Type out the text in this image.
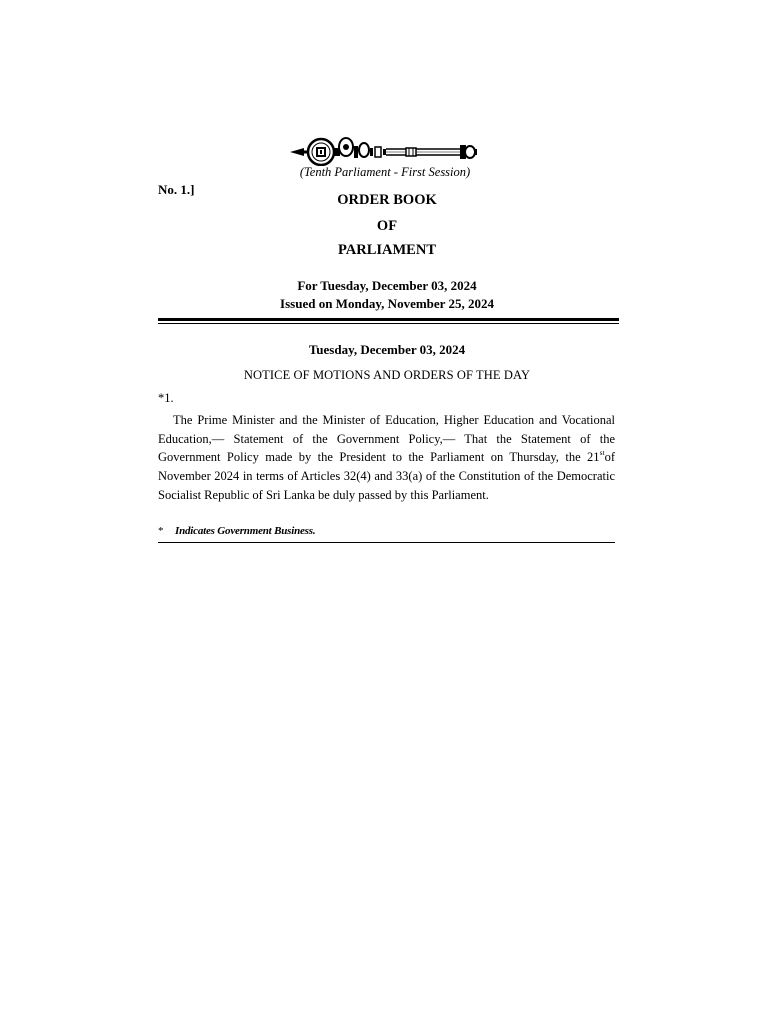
(Tenth Parliament - First Session)
No. 1.]
ORDER BOOK
OF
PARLIAMENT
For Tuesday, December 03, 2024
Issued on Monday, November 25, 2024
Tuesday, December 03, 2024
NOTICE OF MOTIONS AND ORDERS OF THE DAY
*1.

The Prime Minister and the Minister of Education, Higher Education and Vocational Education,— Statement of the Government Policy,— That the Statement of the Government Policy made by the President to the Parliament on Thursday, the 21stof November 2024 in terms of Articles 32(4) and 33(a) of the Constitution of the Democratic Socialist Republic of Sri Lanka be duly passed by this Parliament.

* Indicates Government Business.
